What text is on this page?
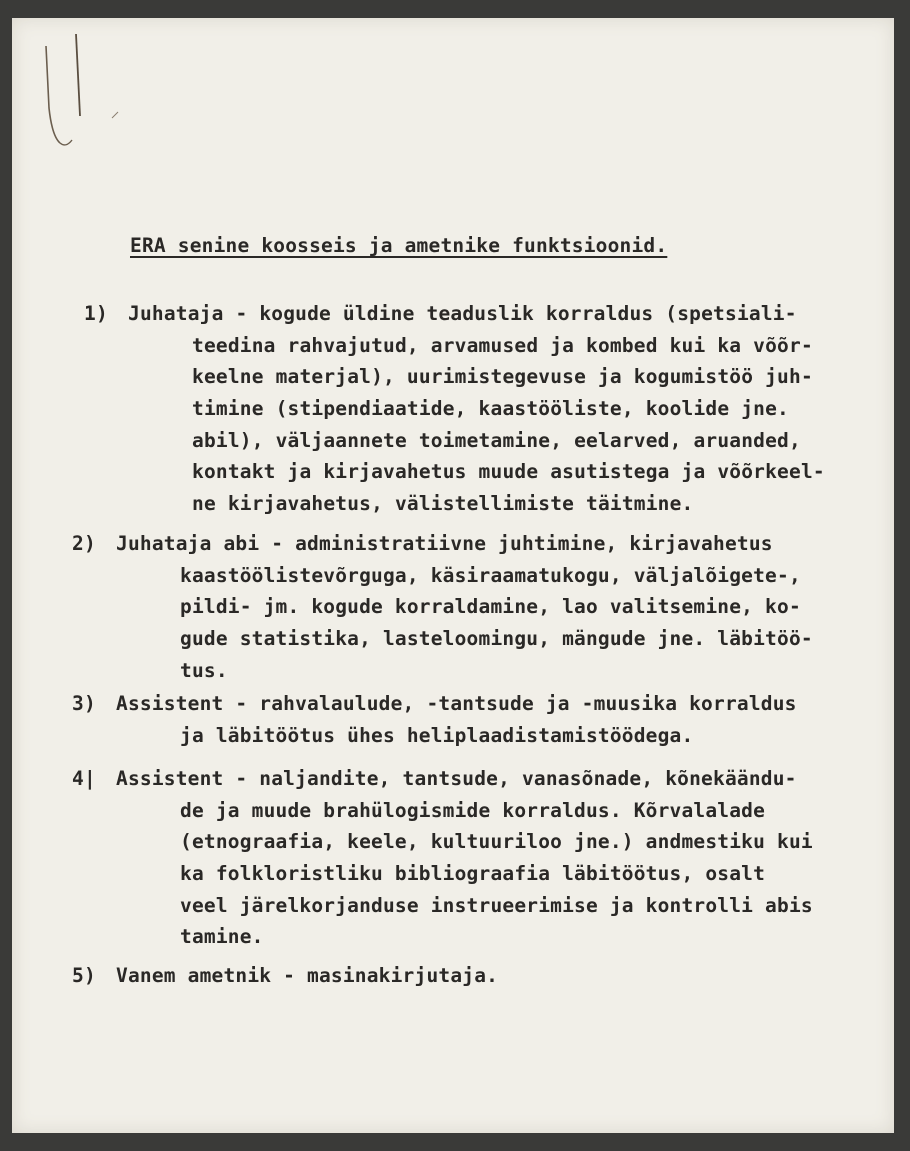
ERA senine koosseis ja ametnike funktsioonid.
1) Juhataja - kogude üldine teaduslik korraldus (spetsiali-
teedina rahvajutud, arvamused ja kombed kui ka võõr-
keelne materjal), uurimistegevuse ja kogumistöö juh-
timine (stipendiaatide, kaastööliste, koolide jne.
abil), väljaannete toimetamine, eelarved, aruanded,
kontakt ja kirjavahetus muude asutistega ja võõrkeel-
ne kirjavahetus, välistellimiste täitmine.
2) Juhataja abi - administratiivne juhtimine, kirjavahetus
kaastöölistevõrguga, käsiraamatukogu, väljalõigete-,
pildi- jm. kogude korraldamine, lao valitsemine, ko-
gude statistika, lasteloomingu, mängude jne. läbitöö-
tus.
3) Assistent - rahvalaulude, -tantsude ja -muusika korraldus
ja läbitöötus ühes heliplaadistamistöödega.
4| Assistent - naljandite, tantsude, vanasõnade, kõnekäändu-
de ja muude brahülogismide korraldus. Kõrvalalade
(etnograafia, keele, kultuuriloo jne.) andmestiku kui
ka folkloristliku bibliograafia läbitöötus, osalt
veel järelkorjanduse instrueerimise ja kontrolli abis
tamine.
5) Vanem ametnik - masinakirjutaja.
